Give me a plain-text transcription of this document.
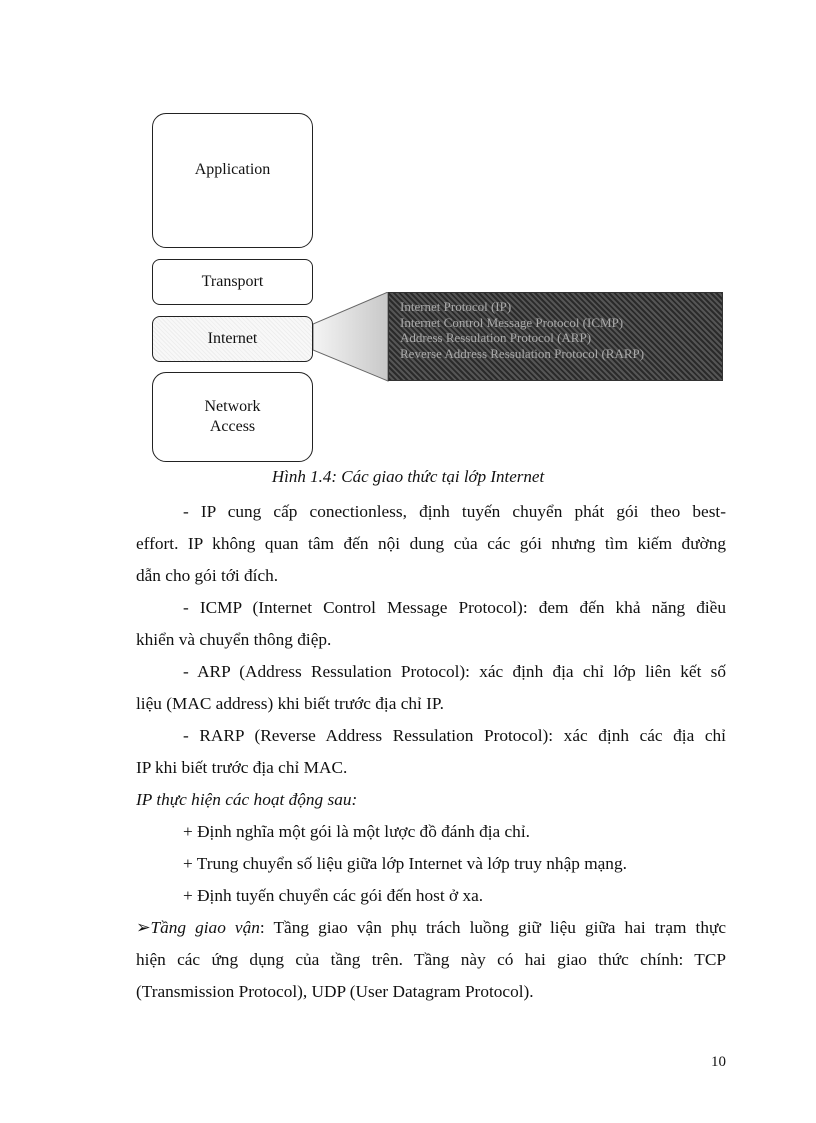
Application
Transport
Internet
Network
Access
Internet Protocol (IP)
Internet Control Message Protocol (ICMP)
Address Ressulation Protocol (ARP)
Reverse Address Ressulation Protocol (RARP)
Hình 1.4: Các giao thức tại lớp Internet
- IP cung cấp conectionless, định tuyến chuyển phát gói theo best-
effort. IP không quan tâm đến nội dung của các gói nhưng tìm kiếm đường
dẫn cho gói tới đích.
- ICMP (Internet Control Message Protocol): đem đến khả năng điều
khiển và chuyển thông điệp.
- ARP (Address Ressulation Protocol): xác định địa chỉ lớp liên kết số
liệu (MAC address) khi biết trước địa chỉ IP.
- RARP (Reverse Address Ressulation Protocol): xác định các địa chỉ
IP khi biết trước địa chỉ MAC.
IP thực hiện các hoạt động sau:
+ Định nghĩa một gói là một lược đồ đánh địa chỉ.
+ Trung chuyển số liệu giữa lớp Internet và lớp truy nhập mạng.
+ Định tuyến chuyển các gói đến host ở xa.
➢Tầng giao vận: Tầng giao vận phụ trách luồng giữ liệu giữa hai trạm thực
hiện các ứng dụng của tầng trên. Tầng này có hai giao thức chính: TCP
(Transmission Protocol), UDP (User Datagram Protocol).
10
